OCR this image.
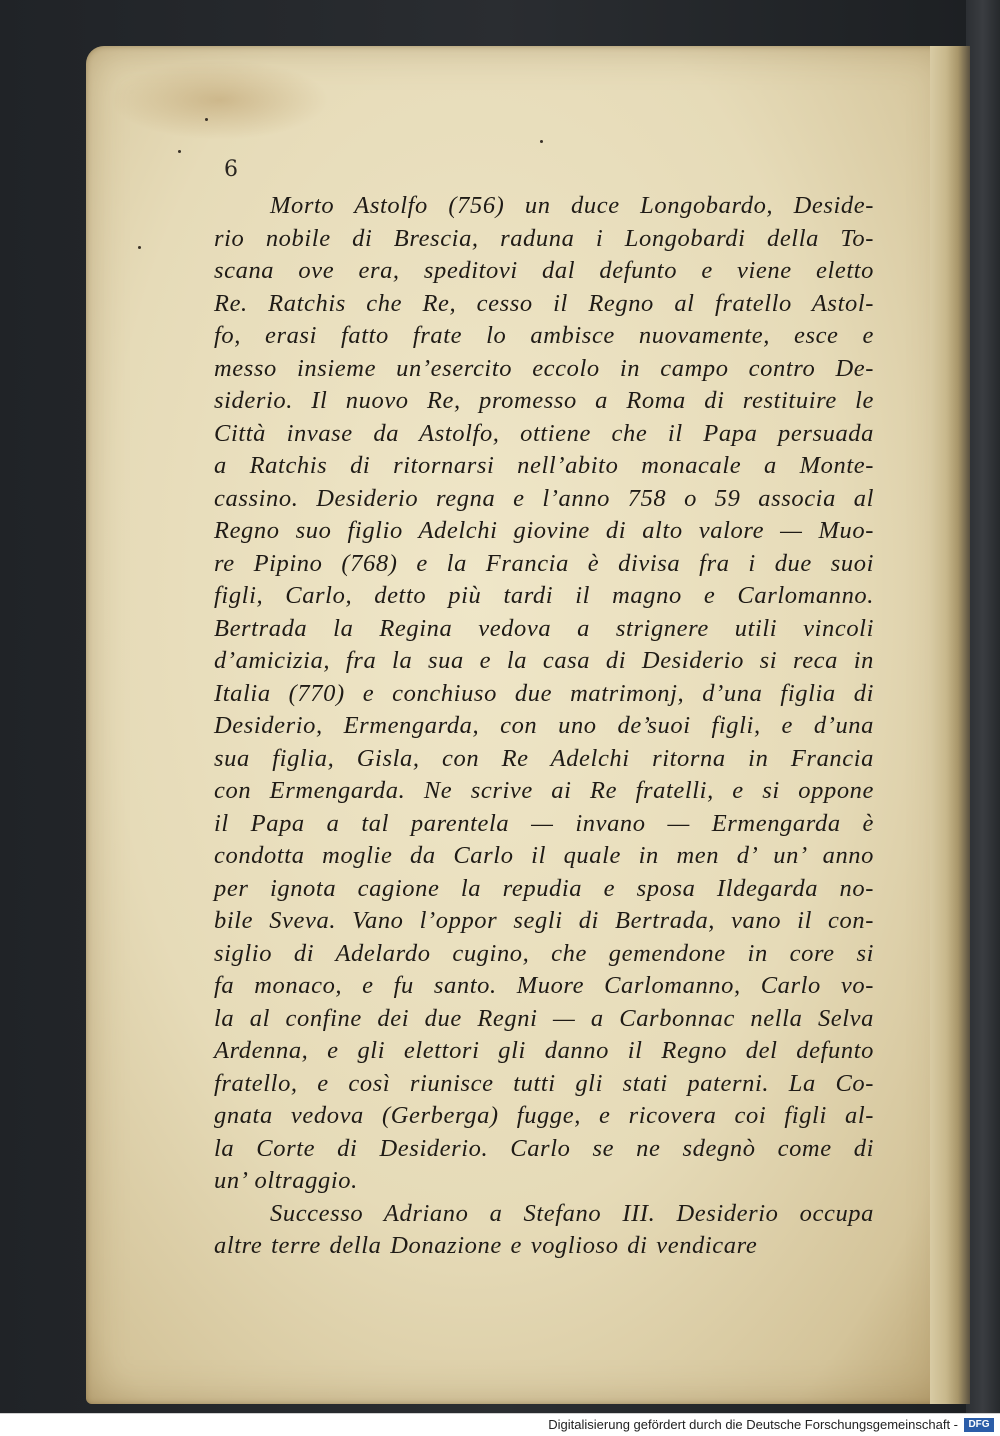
6
Morto Astolfo (756) un duce Longobardo, Deside-
rio nobile di Brescia, raduna i Longobardi della To-
scana ove era, speditovi dal defunto e viene eletto
Re. Ratchis che Re, cesso il Regno al fratello Astol-
fo, erasi fatto frate lo ambisce nuovamente, esce e
messo insieme un’esercito eccolo in campo contro De-
siderio. Il nuovo Re, promesso a Roma di restituire le
Città invase da Astolfo, ottiene che il Papa persuada
a Ratchis di ritornarsi nell’abito monacale a Monte-
cassino. Desiderio regna e l’anno 758 o 59 associa al
Regno suo figlio Adelchi giovine di alto valore — Muo-
re Pipino (768) e la Francia è divisa fra i due suoi
figli, Carlo, detto più tardi il magno e Carlomanno.
Bertrada la Regina vedova a strignere utili vincoli
d’amicizia, fra la sua e la casa di Desiderio si reca in
Italia (770) e conchiuso due matrimonj, d’una figlia di
Desiderio, Ermengarda, con uno de’suoi figli, e d’una
sua figlia, Gisla, con Re Adelchi ritorna in Francia
con Ermengarda. Ne scrive ai Re fratelli, e si oppone
il Papa a tal parentela — invano — Ermengarda è
condotta moglie da Carlo il quale in men d’ un’ anno
per ignota cagione la repudia e sposa Ildegarda no-
bile Sveva. Vano l’oppor segli di Bertrada, vano il con-
siglio di Adelardo cugino, che gemendone in core si
fa monaco, e fu santo. Muore Carlomanno, Carlo vo-
la al confine dei due Regni — a Carbonnac nella Selva
Ardenna, e gli elettori gli danno il Regno del defunto
fratello, e così riunisce tutti gli stati paterni. La Co-
gnata vedova (Gerberga) fugge, e ricovera coi figli al-
la Corte di Desiderio. Carlo se ne sdegnò come di
un’ oltraggio.
Successo Adriano a Stefano III. Desiderio occupa
altre terre della Donazione e voglioso di vendicare
Digitalisierung gefördert durch die Deutsche Forschungsgemeinschaft -	DFG
